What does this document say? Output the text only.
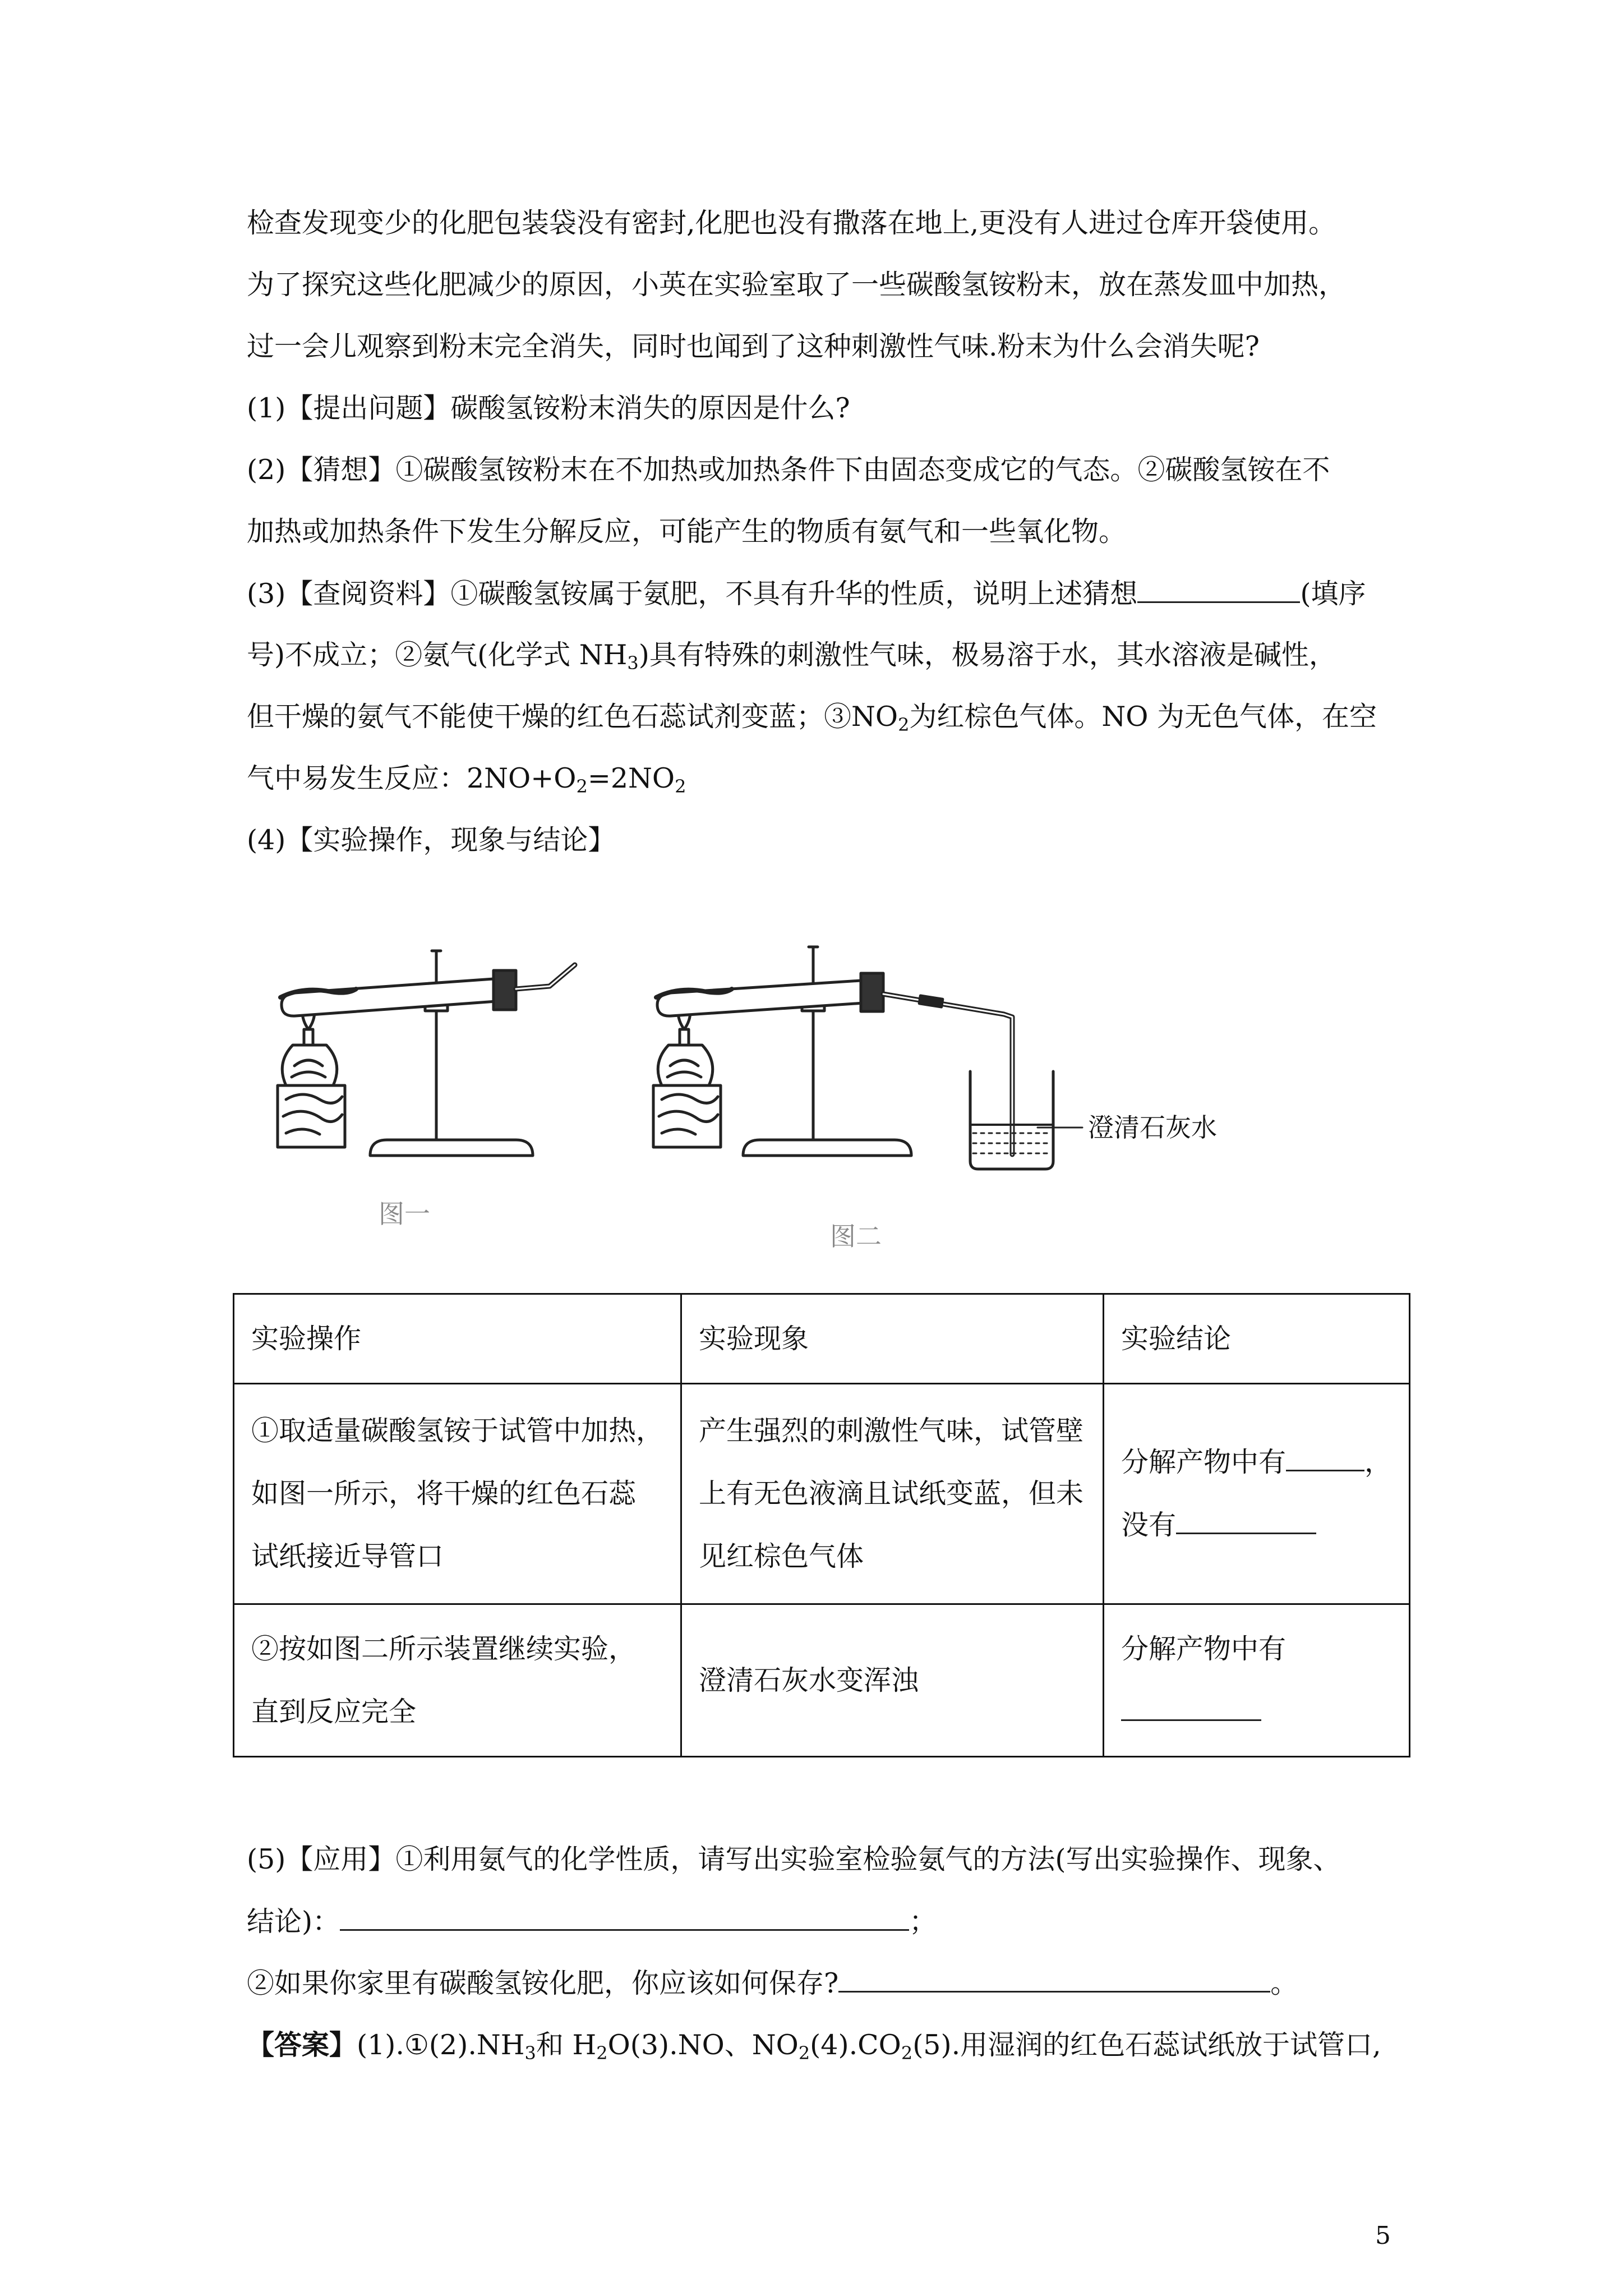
检查发现变少的化肥包装袋没有密封,化肥也没有撒落在地上,更没有人进过仓库开袋使用。
为了探究这些化肥减少的原因，小英在实验室取了一些碳酸氢铵粉末，放在蒸发皿中加热，
过一会儿观察到粉末完全消失，同时也闻到了这种刺激性气味.粉末为什么会消失呢?
(1)【提出问题】碳酸氢铵粉末消失的原因是什么?
(2)【猜想】①碳酸氢铵粉末在不加热或加热条件下由固态变成它的气态。②碳酸氢铵在不
加热或加热条件下发生分解反应，可能产生的物质有氨气和一些氧化物。
(3)【查阅资料】①碳酸氢铵属于氨肥，不具有升华的性质，说明上述猜想	(填序
号)不成立；②氨气(化学式 $NH_3$)具有特殊的刺激性气味，极易溶于水，其水溶液是碱性，
但干燥的氨气不能使干燥的红色石蕊试剂变蓝；$③NO_2$为红棕色气体。NO 为无色气体，在空
气中易发生反应：$2NO+O_2=2NO_2$
(4)【实验操作，现象与结论】
澄清石灰水
图一
图二
实验操作	实验现象	实验结论

①取适量碳酸氢铵于试管中加热，
如图一所示，将干燥的红色石蕊
试纸接近导管口	产生强烈的刺激性气味，试管壁
上有无色液滴且试纸变蓝，但未
见红棕色气体	分解产物中有 ，
没有

②按如图二所示装置继续实验，
直到反应完全	澄清石灰水变浑浊	分解产物中有
(5)【应用】①利用氨气的化学性质，请写出实验室检验氨气的方法(写出实验操作、现象、
结论)：	；
②如果你家里有碳酸氢铵化肥，你应该如何保存?	。
【答案】$(1).①(2).NH_3$和 $H_2O(3).NO$、$NO_2(4).CO_2(5)$.用湿润的红色石蕊试纸放于试管口,
5
